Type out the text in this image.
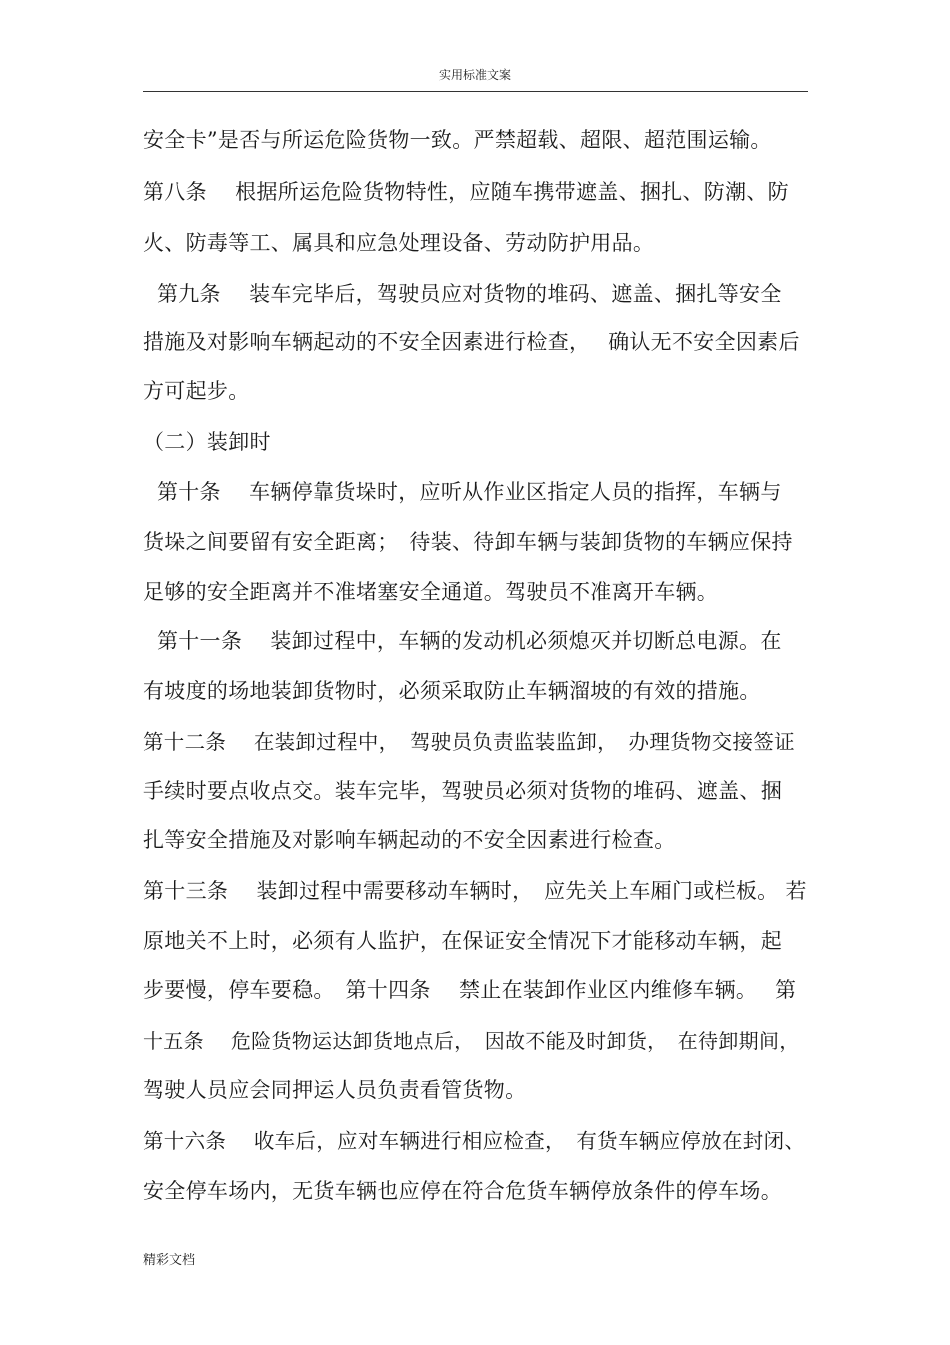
实用标准文案
安全卡”是否与所运危险货物一致。严禁超载、超限、超范围运输。
第八条　 根据所运危险货物特性，应随车携带遮盖、捆扎、防潮、防
火、防毒等工、属具和应急处理设备、劳动防护用品。
第九条　 装车完毕后，驾驶员应对货物的堆码、遮盖、捆扎等安全
措施及对影响车辆起动的不安全因素进行检查，　 确认无不安全因素后
方可起步。
（二）装卸时
第十条　 车辆停靠货垛时，应听从作业区指定人员的指挥，车辆与
货垛之间要留有安全距离；　待装、待卸车辆与装卸货物的车辆应保持
足够的安全距离并不准堵塞安全通道。驾驶员不准离开车辆。
第十一条　 装卸过程中，车辆的发动机必须熄灭并切断总电源。在
有坡度的场地装卸货物时，必须采取防止车辆溜坡的有效的措施。
第十二条　 在装卸过程中，　驾驶员负责监装监卸，　办理货物交接签证
手续时要点收点交。装车完毕，驾驶员必须对货物的堆码、遮盖、捆
扎等安全措施及对影响车辆起动的不安全因素进行检查。
第十三条　 装卸过程中需要移动车辆时，　应先关上车厢门或栏板。 若
原地关不上时，必须有人监护，在保证安全情况下才能移动车辆，起
步要慢，停车要稳。　第十四条　 禁止在装卸作业区内维修车辆。　 第
十五条　 危险货物运达卸货地点后，　因故不能及时卸货，　在待卸期间，
驾驶人员应会同押运人员负责看管货物。
第十六条　 收车后，应对车辆进行相应检查，　有货车辆应停放在封闭、
安全停车场内，无货车辆也应停在符合危货车辆停放条件的停车场。
精彩文档
